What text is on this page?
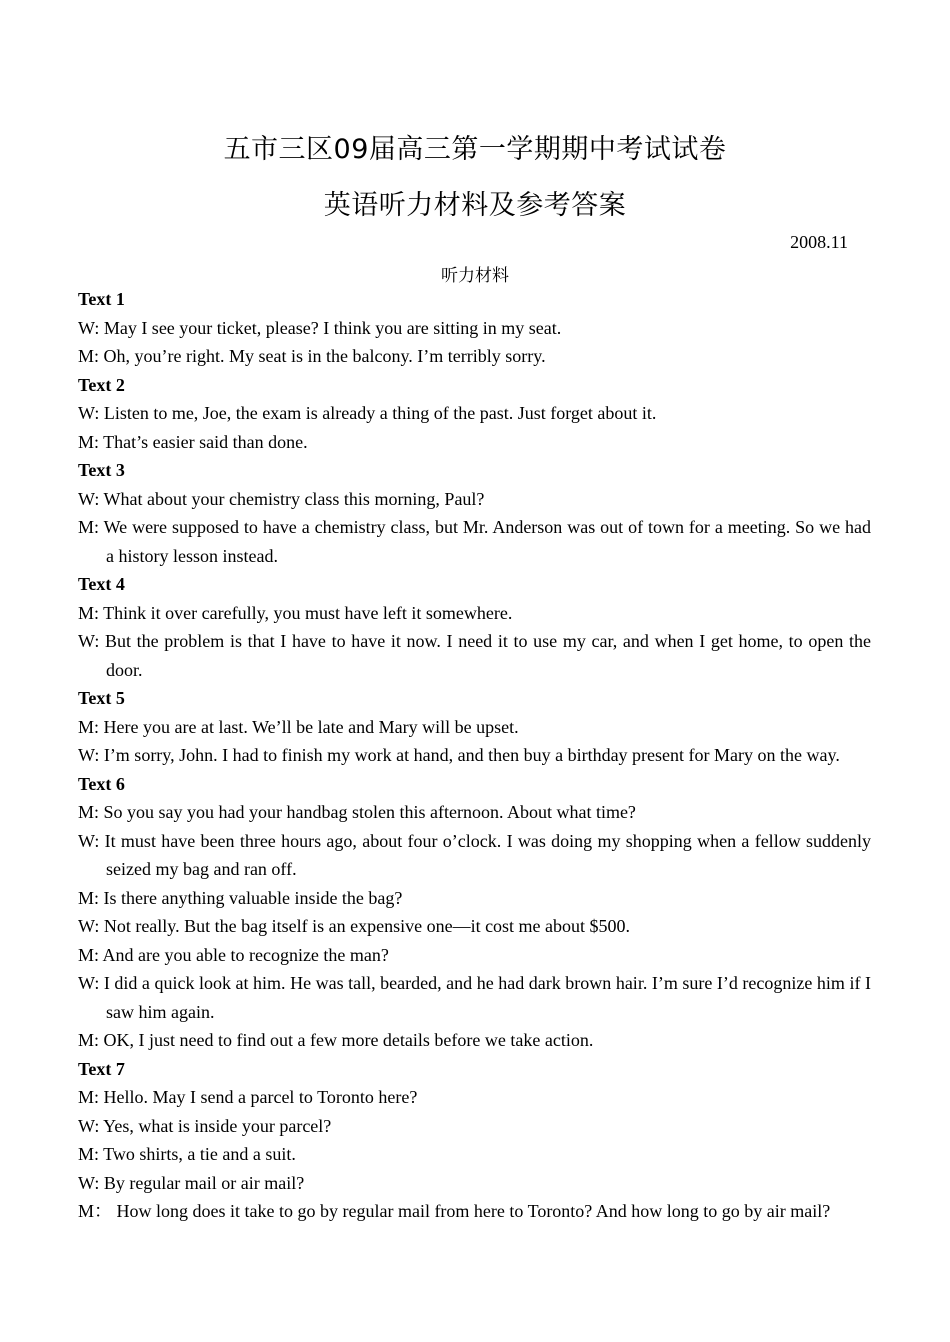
五市三区09届高三第一学期期中考试试卷
英语听力材料及参考答案
2008.11
听力材料
Text 1
W: May I see your ticket, please? I think you are sitting in my seat.
M: Oh, you’re right. My seat is in the balcony. I’m terribly sorry.
Text 2
W: Listen to me, Joe, the exam is already a thing of the past. Just forget about it.
M: That’s easier said than done.
Text 3
W: What about your chemistry class this morning, Paul?
M: We were supposed to have a chemistry class, but Mr. Anderson was out of town for a meeting. So we had a history lesson instead.
Text 4
M: Think it over carefully, you must have left it somewhere.
W: But the problem is that I have to have it now. I need it to use my car, and when I get home, to open the door.
Text 5
M: Here you are at last. We’ll be late and Mary will be upset.
W: I’m sorry, John. I had to finish my work at hand, and then buy a birthday present for Mary on the way.
Text 6
M: So you say you had your handbag stolen this afternoon. About what time?
W: It must have been three hours ago, about four o’clock. I was doing my shopping when a fellow suddenly seized my bag and ran off.
M: Is there anything valuable inside the bag?
W: Not really. But the bag itself is an expensive one—it cost me about $500.
M: And are you able to recognize the man?
W: I did a quick look at him. He was tall, bearded, and he had dark brown hair. I’m sure I’d recognize him if I saw him again.
M: OK, I just need to find out a few more details before we take action.
Text 7
M: Hello. May I send a parcel to Toronto here?
W: Yes, what is inside your parcel?
M: Two shirts, a tie and a suit.
W: By regular mail or air mail?
M： How long does it take to go by regular mail from here to Toronto? And how long to go by air mail?
